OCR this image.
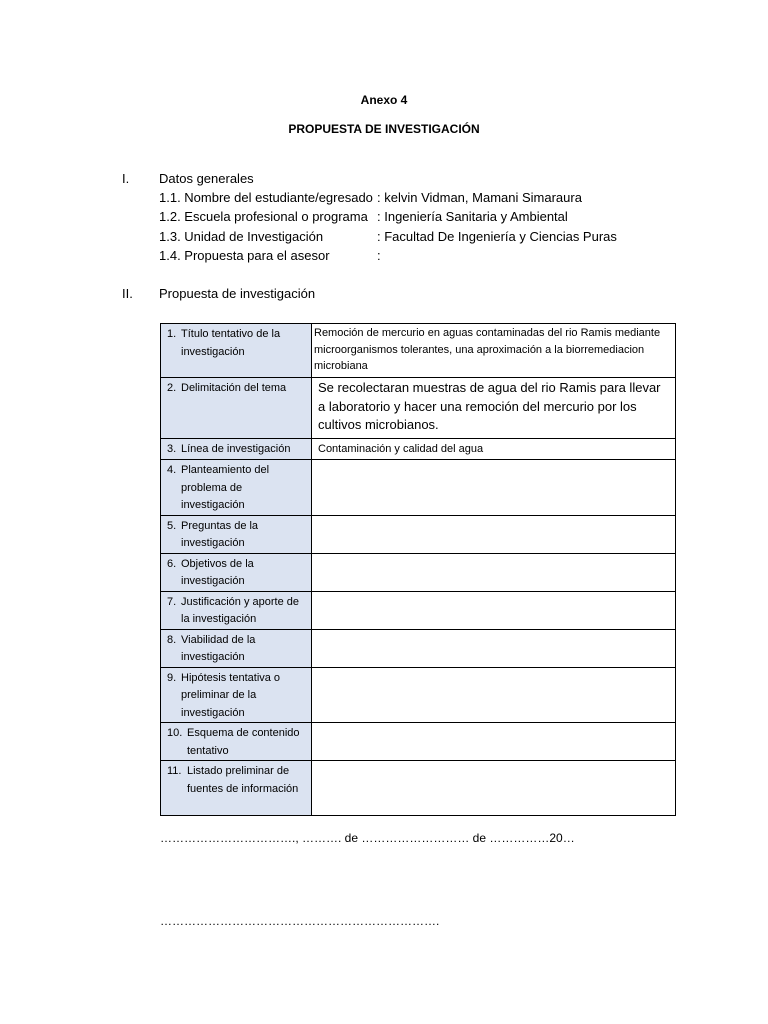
Anexo 4
PROPUESTA DE INVESTIGACIÓN
I. Datos generales
1.1. Nombre del estudiante/egresado : kelvin Vidman, Mamani Simaraura
1.2. Escuela profesional o programa : Ingeniería Sanitaria y Ambiental
1.3. Unidad de Investigación	: Facultad De Ingeniería y Ciencias Puras
1.4. Propuesta para el asesor	:
II. Propuesta de investigación
1. Título tentativo de la investigación	Remoción de mercurio en aguas contaminadas del rio Ramis mediante microorganismos tolerantes, una aproximación a la biorremediacion microbiana

2. Delimitación del tema	Se recolectaran muestras de agua del rio Ramis para llevar a laboratorio y hacer una remoción del mercurio por los cultivos microbianos.

3. Línea de investigación	Contaminación y calidad del agua

4. Planteamiento del problema de investigación	

5. Preguntas de la investigación	

6. Objetivos de la investigación	

7. Justificación y aporte de la investigación	

8. Viabilidad de la investigación	

9. Hipótesis tentativa o preliminar de la investigación	

10. Esquema de contenido tentativo	

11. Listado preliminar de fuentes de información	

……………………………., ………. de ……………………… de ……………20…
…………………………………………………………….
